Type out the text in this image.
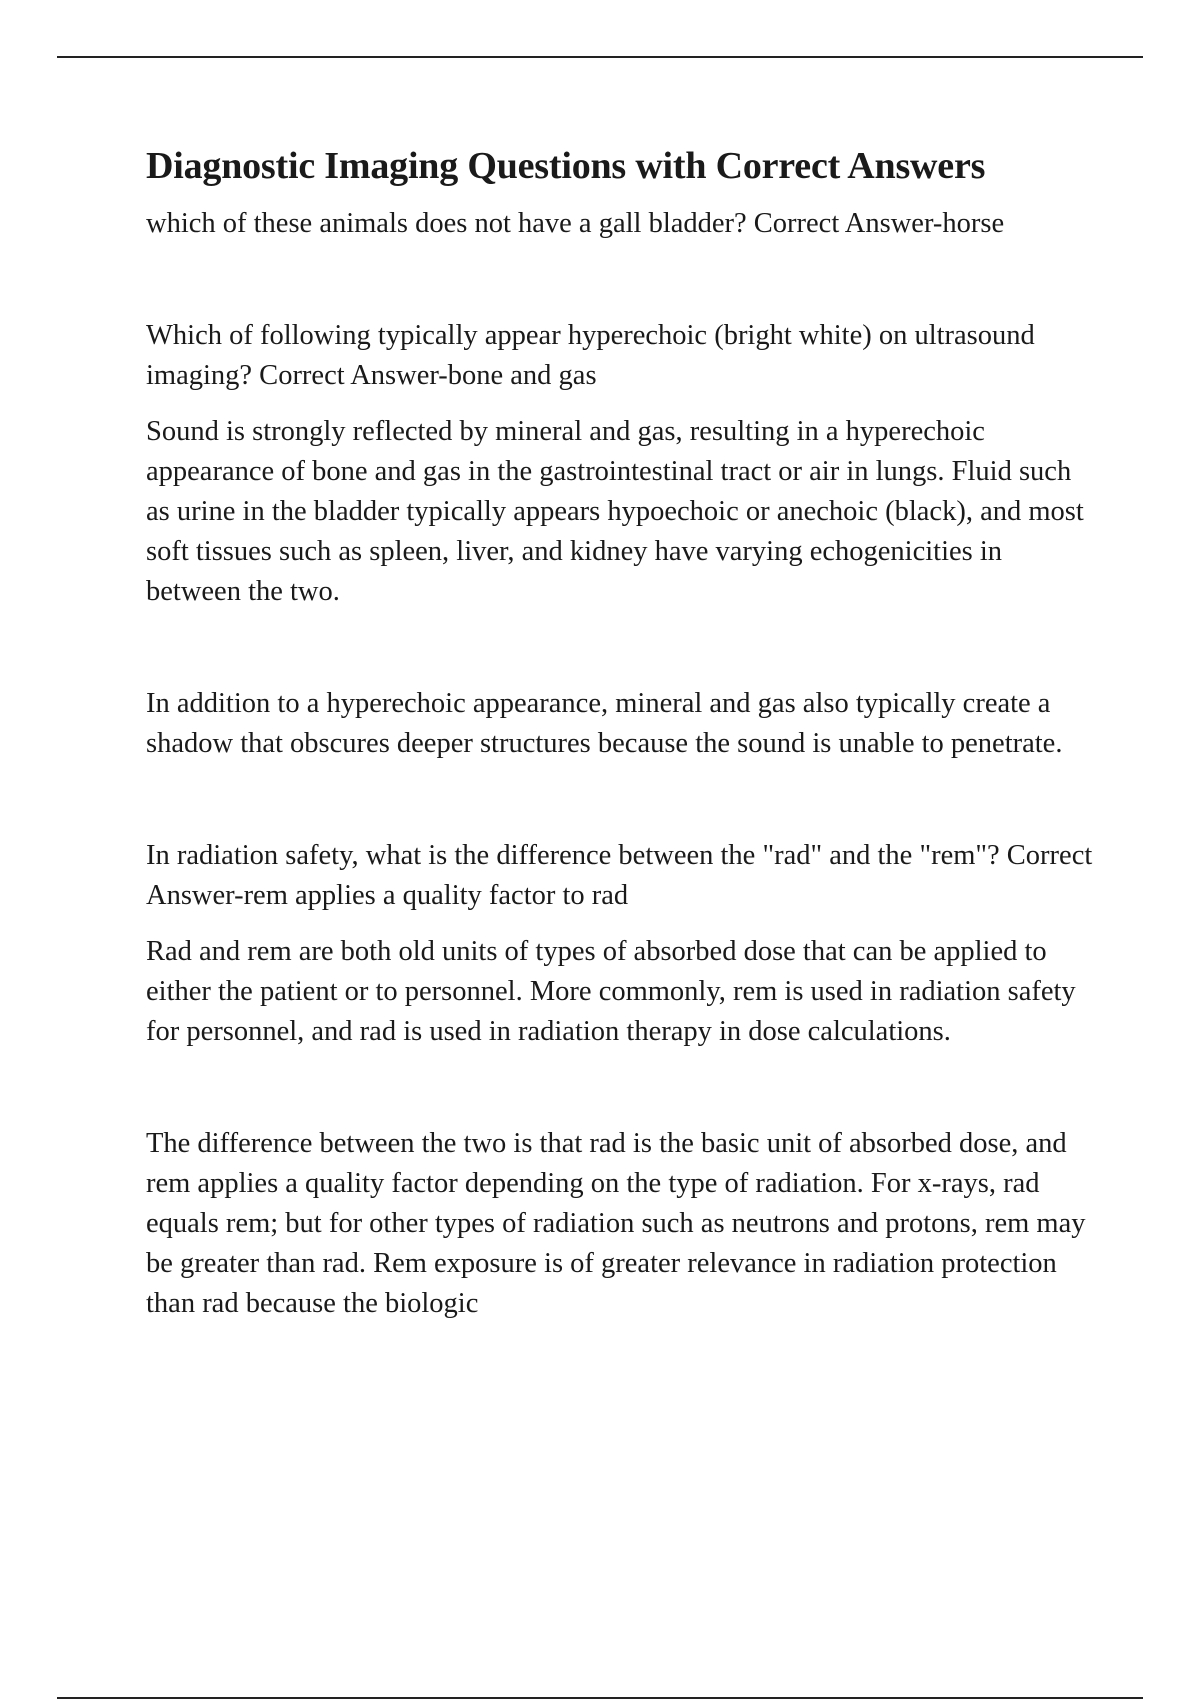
Diagnostic Imaging Questions with Correct Answers

which of these animals does not have a gall bladder? Correct Answer-horse

Which of following typically appear hyperechoic (bright white) on ultrasound imaging? Correct Answer-bone and gas

Sound is strongly reflected by mineral and gas, resulting in a hyperechoic appearance of bone and gas in the gastrointestinal tract or air in lungs. Fluid such as urine in the bladder typically appears hypoechoic or anechoic (black), and most soft tissues such as spleen, liver, and kidney have varying echogenicities in between the two.

In addition to a hyperechoic appearance, mineral and gas also typically create a shadow that obscures deeper structures because the sound is unable to penetrate.

In radiation safety, what is the difference between the "rad" and the "rem"? Correct Answer-rem applies a quality factor to rad

Rad and rem are both old units of types of absorbed dose that can be applied to either the patient or to personnel. More commonly, rem is used in radiation safety for personnel, and rad is used in radiation therapy in dose calculations.

The difference between the two is that rad is the basic unit of absorbed dose, and rem applies a quality factor depending on the type of radiation. For x-rays, rad equals rem; but for other types of radiation such as neutrons and protons, rem may be greater than rad. Rem exposure is of greater relevance in radiation protection than rad because the biologic
